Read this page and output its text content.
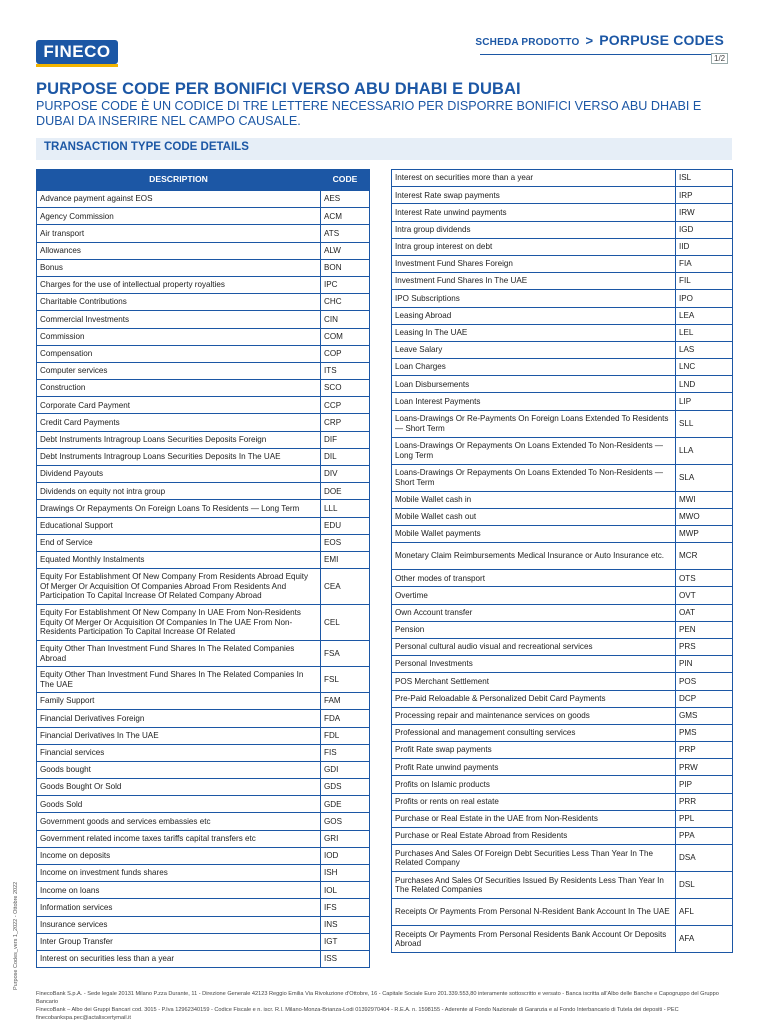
FINECO	SCHEDA PRODOTTO > PORPUSE CODES
1/2
PURPOSE CODE PER BONIFICI VERSO ABU DHABI E DUBAI

PURPOSE CODE È UN CODICE DI TRE LETTERE NECESSARIO PER DISPORRE BONIFICI VERSO ABU DHABI E DUBAI DA INSERIRE NEL CAMPO CAUSALE.

TRANSACTION TYPE CODE DETAILS
DESCRIPTION	CODE
Advance payment against EOS	AES
Agency Commission	ACM
Air transport	ATS
Allowances	ALW
Bonus	BON
Charges for the use of intellectual property royalties	IPC
Charitable Contributions	CHC
Commercial Investments	CIN
Commission	COM
Compensation	COP
Computer services	ITS
Construction	SCO
Corporate Card Payment	CCP
Credit Card Payments	CRP
Debt Instruments Intragroup Loans Securities Deposits Foreign	DIF
Debt Instruments Intragroup Loans Securities Deposits In The UAE	DIL
Dividend Payouts	DIV
Dividends on equity not intra group	DOE
Drawings Or Repayments On Foreign Loans To Residents — Long Term	LLL
Educational Support	EDU
End of Service	EOS
Equated Monthly Instalments	EMI
Equity For Establishment Of New Company From Residents Abroad Equity Of Merger Or Acquisition Of Companies Abroad From Residents And Participation To Capital Increase Of Related Company Abroad	CEA
Equity For Establishment Of New Company In UAE From Non-Residents Equity Of Merger Or Acquisition Of Companies In The UAE From Non-Residents Participation To Capital Increase Of Related	CEL
Equity Other Than Investment Fund Shares In The Related Companies Abroad	FSA
Equity Other Than Investment Fund Shares In The Related Companies In The UAE	FSL
Family Support	FAM
Financial Derivatives Foreign	FDA
Financial Derivatives In The UAE	FDL
Financial services	FIS
Goods bought	GDI
Goods Bought Or Sold	GDS
Goods Sold	GDE
Government goods and services embassies etc	GOS
Government related income taxes tariffs capital transfers etc	GRI
Income on deposits	IOD
Income on investment funds shares	ISH
Income on loans	IOL
Information services	IFS
Insurance services	INS
Inter Group Transfer	IGT
Interest on securities less than a year	ISS
Interest on securities more than a year	ISL
Interest Rate swap payments	IRP
Interest Rate unwind payments	IRW
Intra group dividends	IGD
Intra group interest on debt	IID
Investment Fund Shares Foreign	FIA
Investment Fund Shares In The UAE	FIL
IPO Subscriptions	IPO
Leasing Abroad	LEA
Leasing In The UAE	LEL
Leave Salary	LAS
Loan Charges	LNC
Loan Disbursements	LND
Loan Interest Payments	LIP
Loans-Drawings Or Re-Payments On Foreign Loans Extended To Residents — Short Term	SLL
Loans-Drawings Or Repayments On Loans Extended To Non-Residents — Long Term	LLA
Loans-Drawings Or Repayments On Loans Extended To Non-Residents — Short Term	SLA
Mobile Wallet cash in	MWI
Mobile Wallet cash out	MWO
Mobile Wallet payments	MWP
Monetary Claim Reimbursements Medical Insurance or Auto Insurance etc.	MCR
Other modes of transport	OTS
Overtime	OVT
Own Account transfer	OAT
Pension	PEN
Personal cultural audio visual and recreational services	PRS
Personal Investments	PIN
POS Merchant Settlement	POS
Pre-Paid Reloadable & Personalized Debit Card Payments	DCP
Processing repair and maintenance services on goods	GMS
Professional and management consulting services	PMS
Profit Rate swap payments	PRP
Profit Rate unwind payments	PRW
Profits on Islamic products	PIP
Profits or rents on real estate	PRR
Purchase or Real Estate in the UAE from Non-Residents	PPL
Purchase or Real Estate Abroad from Residents	PPA
Purchases And Sales Of Foreign Debt Securities Less Than Year In The Related Company	DSA
Purchases And Sales Of Securities Issued By Residents Less Than Year In The Related Companies	DSL
Receipts Or Payments From Personal N-Resident Bank Account In The UAE	AFL
Receipts Or Payments From Personal Residents Bank Account Or Deposits Abroad	AFA
FinecoBank S.p.A. - Sede legale 20131 Milano P.zza Durante, 11 - Direzione Generale 42123 Reggio Emilia Via Rivoluzione d'Ottobre, 16 - Capitale Sociale Euro 201.339.553,80 interamente sottoscritto e versato - Banca iscritta all'Albo delle Banche e Capogruppo del Gruppo Bancario
FinecoBank – Albo dei Gruppi Bancari cod. 3015 - P.Iva 12962340159 - Codice Fiscale e n. iscr. R.I. Milano-Monza-Brianza-Lodi 01392970404 - R.E.A. n. 1598155 - Aderente al Fondo Nazionale di Garanzia e al Fondo Interbancario di Tutela dei depositi - PEC finecobankspa.pec@actaliscertymail.it
Purpose Codes_vers 1_2022 - Ottobre 2022
